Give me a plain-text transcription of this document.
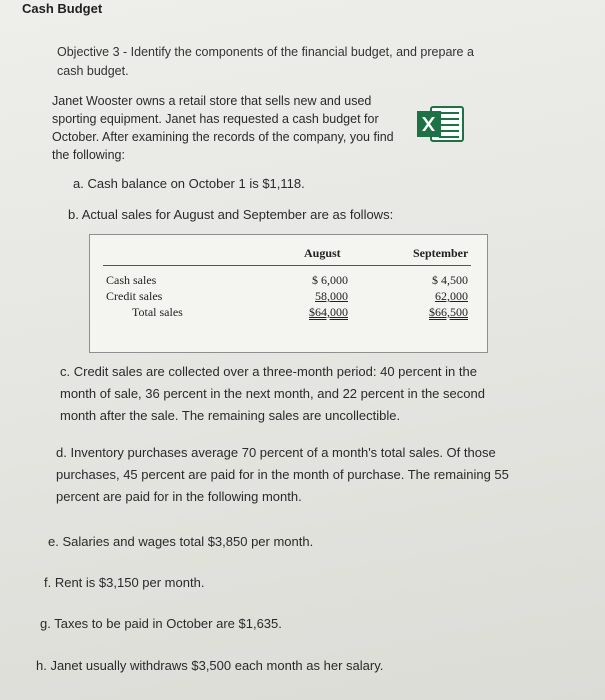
Cash Budget
Objective 3 - Identify the components of the financial budget, and prepare a cash budget.
Janet Wooster owns a retail store that sells new and used sporting equipment. Janet has requested a cash budget for October. After examining the records of the company, you find the following:
a. Cash balance on October 1 is $1,118.
b. Actual sales for August and September are as follows:
August	September
Cash sales
Credit sales
Total sales
$ 6,000
58,000
$64,000
$ 4,500
62,000
$66,500
c. Credit sales are collected over a three-month period: 40 percent in the month of sale, 36 percent in the next month, and 22 percent in the second month after the sale. The remaining sales are uncollectible.
d. Inventory purchases average 70 percent of a month's total sales. Of those purchases, 45 percent are paid for in the month of purchase. The remaining 55 percent are paid for in the following month.
e. Salaries and wages total $3,850 per month.
f. Rent is $3,150 per month.
g. Taxes to be paid in October are $1,635.
h. Janet usually withdraws $3,500 each month as her salary.
